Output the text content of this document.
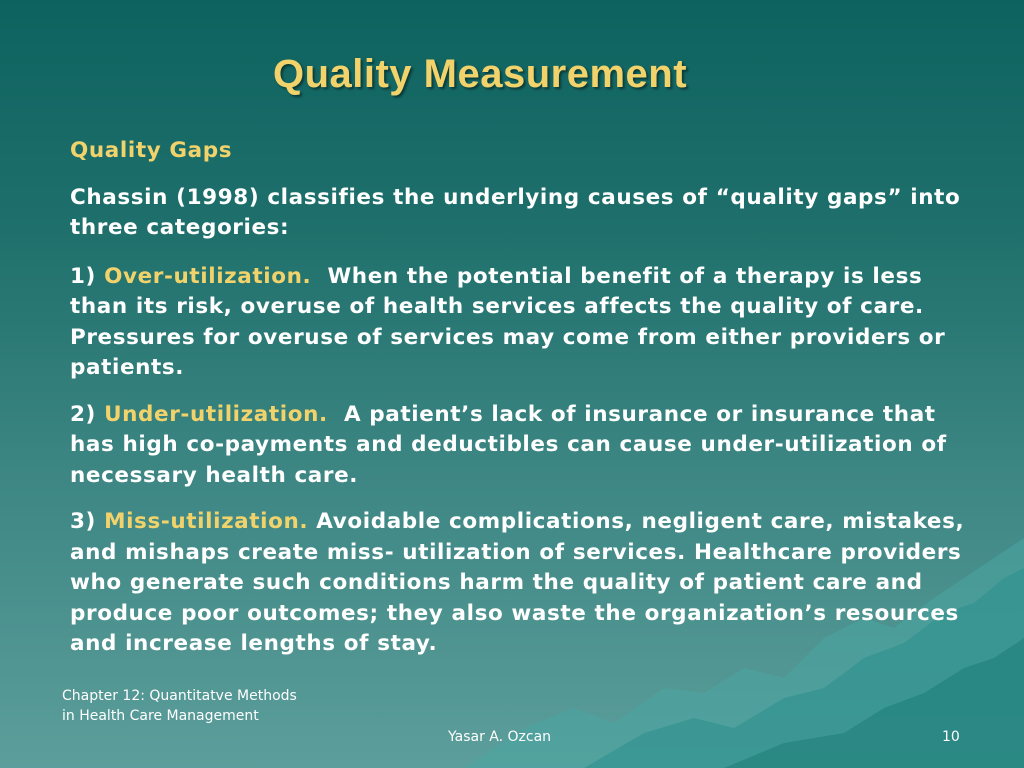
Quality Measurement

Quality Gaps

Chassin (1998) classifies the underlying causes of “quality gaps” into three categories:

1) Over-utilization. When the potential benefit of a therapy is less than its risk, overuse of health services affects the quality of care. Pressures for overuse of services may come from either providers or patients.

2) Under-utilization. A patient’s lack of insurance or insurance that has high co-payments and deductibles can cause under-utilization of necessary health care.

3) Miss-utilization. Avoidable complications, negligent care, mistakes, and mishaps create miss- utilization of services. Healthcare providers who generate such conditions harm the quality of patient care and produce poor outcomes; they also waste the organization’s resources and increase lengths of stay.

Chapter 12: Quantitatve Methods in Health Care Management
Yasar A. Ozcan	10
